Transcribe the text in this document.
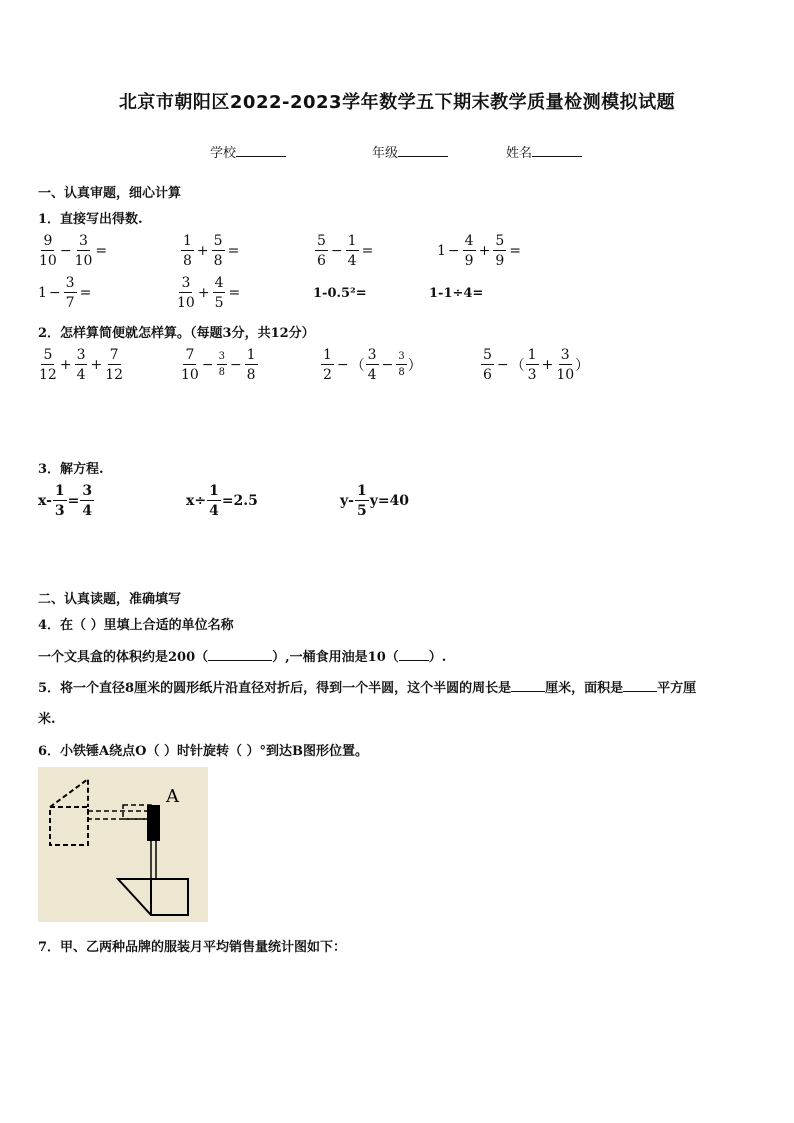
北京市朝阳区2022-2023学年数学五下期末教学质量检测模拟试题
学校	年级	姓名
一、认真审题，细心计算
1．直接写出得数.
$\frac{9}{10} - \frac{3}{10}$ =	$\frac{1}{8} + \frac{5}{8}$ =	$\frac{5}{6} - \frac{1}{4}$ =	$1 - \frac{4}{9} + \frac{5}{9}$ =
$1 - \frac{3}{7}$ =	$\frac{3}{10} + \frac{4}{5}$ =	1-0.5²=	1-1÷4=
2．怎样算简便就怎样算。（每题3分，共12分）
$\frac{5}{12} + \frac{3}{4} + \frac{7}{12}$	$\frac{7}{10} - \frac{3}{8} - \frac{1}{8}$	$\frac{1}{2}$ − （ $\frac{3}{4} - \frac{3}{8}$ ）	$\frac{5}{6}$ − （ $\frac{1}{3} + \frac{3}{10}$ ）
3．解方程.
$x- \frac{1}{3} = \frac{3}{4}$	$x\div \frac{1}{4} =2.5$	$y- \frac{1}{5} y=40$
二、认真读题，准确填写
4．在（ ）里填上合适的单位名称
一个文具盒的体积约是200（	）,一桶食用油是10（ ）.
5．将一个直径8厘米的圆形纸片沿直径对折后，得到一个半圆，这个半圆的周长是	厘米，面积是	平方厘
米.
6．小铁锤A绕点O（ ）时针旋转（ ）°到达B图形位置。
A
7．甲、乙两种品牌的服装月平均销售量统计图如下：
